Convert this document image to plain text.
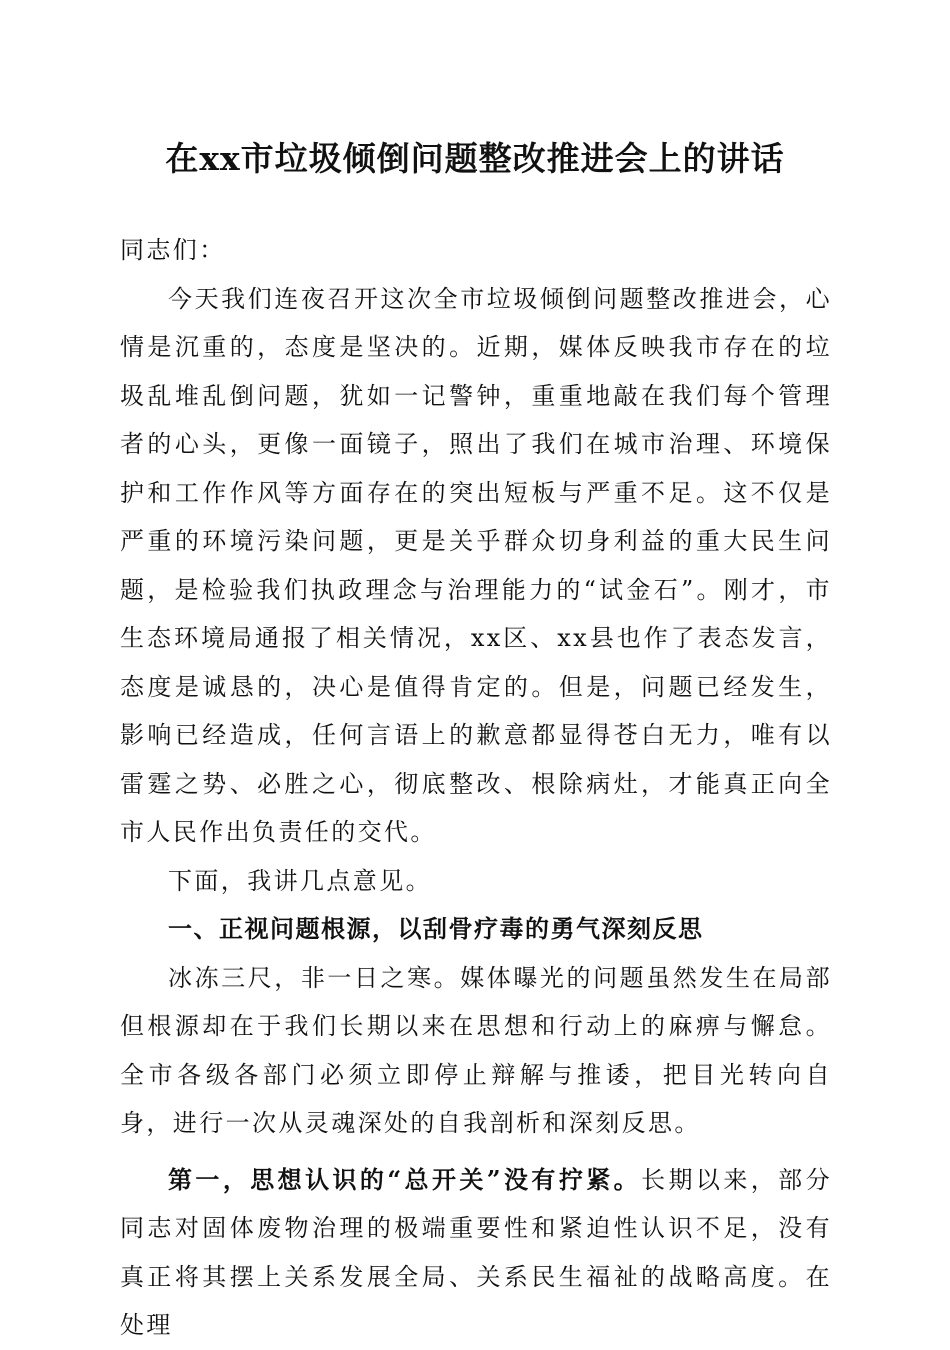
在xx市垃圾倾倒问题整改推进会上的讲话

同志们：

今天我们连夜召开这次全市垃圾倾倒问题整改推进会，心情是沉重的，态度是坚决的。近期，媒体反映我市存在的垃圾乱堆乱倒问题，犹如一记警钟，重重地敲在我们每个管理者的心头，更像一面镜子，照出了我们在城市治理、环境保护和工作作风等方面存在的突出短板与严重不足。这不仅是严重的环境污染问题，更是关乎群众切身利益的重大民生问题，是检验我们执政理念与治理能力的“试金石”。刚才，市生态环境局通报了相关情况，xx区、xx县也作了表态发言，态度是诚恳的，决心是值得肯定的。但是，问题已经发生，影响已经造成，任何言语上的歉意都显得苍白无力，唯有以雷霆之势、必胜之心，彻底整改、根除病灶，才能真正向全市人民作出负责任的交代。

下面，我讲几点意见。

一、正视问题根源，以刮骨疗毒的勇气深刻反思

冰冻三尺，非一日之寒。媒体曝光的问题虽然发生在局部但根源却在于我们长期以来在思想和行动上的麻痹与懈怠。全市各级各部门必须立即停止辩解与推诿，把目光转向自身，进行一次从灵魂深处的自我剖析和深刻反思。

第一，思想认识的“总开关”没有拧紧。长期以来，部分同志对固体废物治理的极端重要性和紧迫性认识不足，没有真正将其摆上关系发展全局、关系民生福祉的战略高度。在处理
